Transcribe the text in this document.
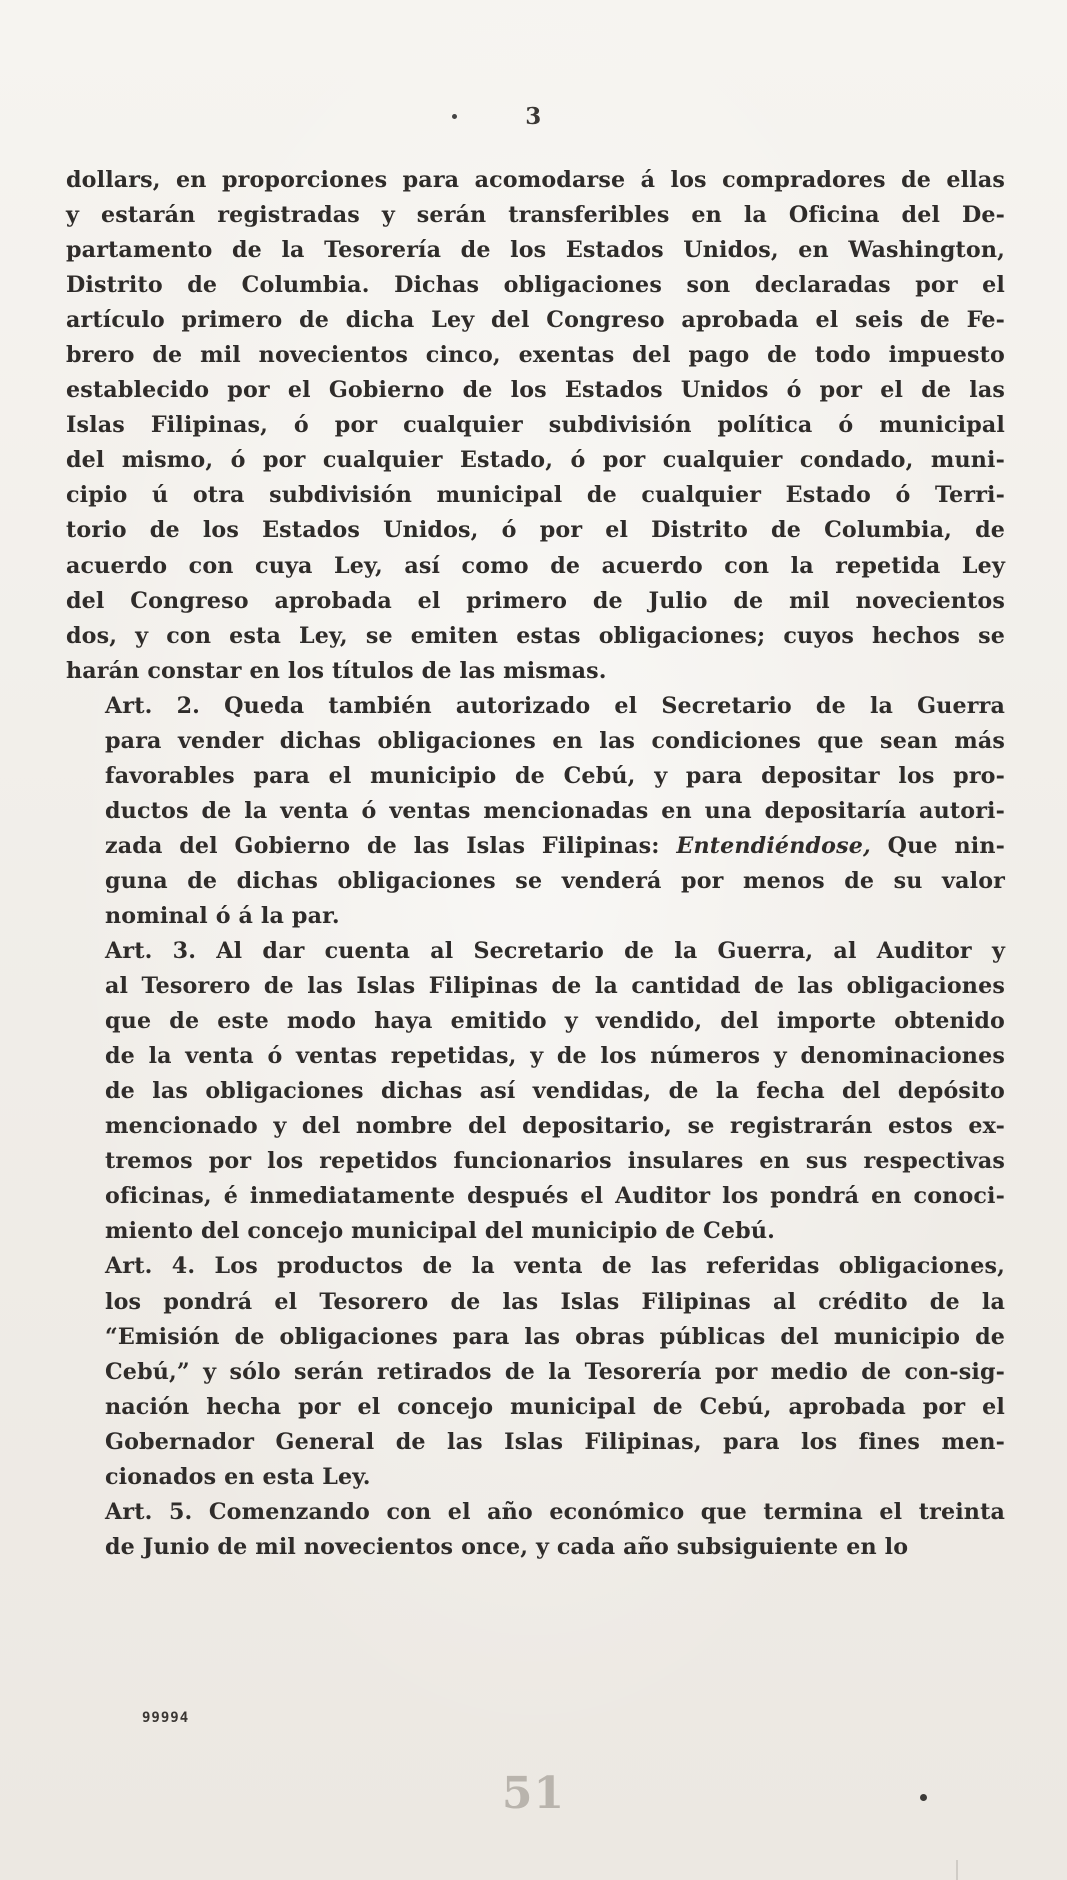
3

dollars, en proporciones para acomodarse á los compradores de ellas
y estarán registradas y serán transferibles en la Oficina del De-
partamento de la Tesorería de los Estados Unidos, en Washington,
Distrito de Columbia. Dichas obligaciones son declaradas por el
artículo primero de dicha Ley del Congreso aprobada el seis de Fe-
brero de mil novecientos cinco, exentas del pago de todo impuesto
establecido por el Gobierno de los Estados Unidos ó por el de las
Islas Filipinas, ó por cualquier subdivisión política ó municipal
del mismo, ó por cualquier Estado, ó por cualquier condado, muni-
cipio ú otra subdivisión municipal de cualquier Estado ó Terri-
torio de los Estados Unidos, ó por el Distrito de Columbia, de
acuerdo con cuya Ley, así como de acuerdo con la repetida Ley
del Congreso aprobada el primero de Julio de mil novecientos
dos, y con esta Ley, se emiten estas obligaciones; cuyos hechos se
harán constar en los títulos de las mismas.

Art. 2. Queda también autorizado el Secretario de la Guerra
para vender dichas obligaciones en las condiciones que sean más
favorables para el municipio de Cebú, y para depositar los pro-
ductos de la venta ó ventas mencionadas en una depositaría autori-
zada del Gobierno de las Islas Filipinas: Entendiéndose, Que nin-
guna de dichas obligaciones se venderá por menos de su valor
nominal ó á la par.

Art. 3. Al dar cuenta al Secretario de la Guerra, al Auditor y
al Tesorero de las Islas Filipinas de la cantidad de las obligaciones
que de este modo haya emitido y vendido, del importe obtenido
de la venta ó ventas repetidas, y de los números y denominaciones
de las obligaciones dichas así vendidas, de la fecha del depósito
mencionado y del nombre del depositario, se registrarán estos ex-
tremos por los repetidos funcionarios insulares en sus respectivas
oficinas, é inmediatamente después el Auditor los pondrá en conoci-
miento del concejo municipal del municipio de Cebú.

Art. 4. Los productos de la venta de las referidas obligaciones,
los pondrá el Tesorero de las Islas Filipinas al crédito de la
“Emisión de obligaciones para las obras públicas del municipio de
Cebú,” y sólo serán retirados de la Tesorería por medio de con-sig-
nación hecha por el concejo municipal de Cebú, aprobada por el
Gobernador General de las Islas Filipinas, para los fines men-
cionados en esta Ley.

Art. 5. Comenzando con el año económico que termina el treinta
de Junio de mil novecientos once, y cada año subsiguiente en lo

99994
51
